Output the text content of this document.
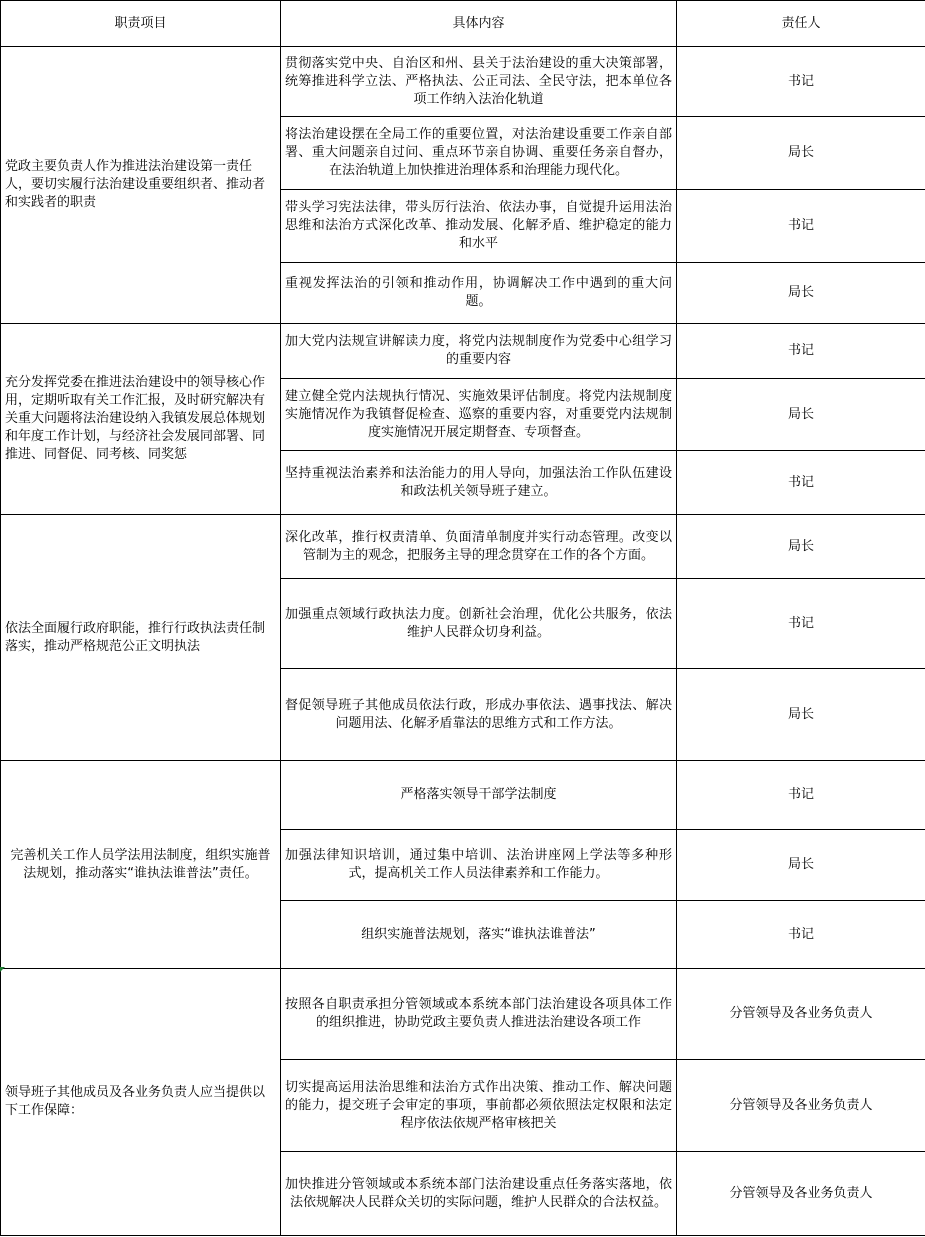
职责项目	具体内容	责任人
党政主要负责人作为推进法治建设第一责任人，要切实履行法治建设重要组织者、推动者和实践者的职责	贯彻落实党中央、自治区和州、县关于法治建设的重大决策部署，统筹推进科学立法、严格执法、公正司法、全民守法，把本单位各项工作纳入法治化轨道	书记
	将法治建设摆在全局工作的重要位置，对法治建设重要工作亲自部署、重大问题亲自过问、重点环节亲自协调、重要任务亲自督办，在法治轨道上加快推进治理体系和治理能力现代化。	局长
	带头学习宪法法律，带头厉行法治、依法办事，自觉提升运用法治思维和法治方式深化改革、推动发展、化解矛盾、维护稳定的能力和水平	书记
	重视发挥法治的引领和推动作用，协调解决工作中遇到的重大问题。	局长
充分发挥党委在推进法治建设中的领导核心作用，定期听取有关工作汇报，及时研究解决有关重大问题将法治建设纳入我镇发展总体规划和年度工作计划，与经济社会发展同部署、同推进、同督促、同考核、同奖惩	加大党内法规宣讲解读力度，将党内法规制度作为党委中心组学习的重要内容	书记
	建立健全党内法规执行情况、实施效果评估制度。将党内法规制度实施情况作为我镇督促检查、巡察的重要内容，对重要党内法规制度实施情况开展定期督查、专项督查。	局长
	坚持重视法治素养和法治能力的用人导向，加强法治工作队伍建设和政法机关领导班子建立。	书记
依法全面履行政府职能，推行行政执法责任制落实，推动严格规范公正文明执法	深化改革，推行权责清单、负面清单制度并实行动态管理。改变以管制为主的观念，把服务主导的理念贯穿在工作的各个方面。	局长
	加强重点领域行政执法力度。创新社会治理，优化公共服务，依法维护人民群众切身利益。	书记
	督促领导班子其他成员依法行政，形成办事依法、遇事找法、解决问题用法、化解矛盾靠法的思维方式和工作方法。	局长
完善机关工作人员学法用法制度，组织实施普法规划，推动落实“谁执法谁普法”责任。	严格落实领导干部学法制度	书记
	加强法律知识培训，通过集中培训、法治讲座网上学法等多种形式，提高机关工作人员法律素养和工作能力。	局长
	组织实施普法规划，落实“谁执法谁普法”	书记
领导班子其他成员及各业务负责人应当提供以下工作保障：	按照各自职责承担分管领域或本系统本部门法治建设各项具体工作的组织推进，协助党政主要负责人推进法治建设各项工作	分管领导及各业务负责人
	切实提高运用法治思维和法治方式作出决策、推动工作、解决问题的能力，提交班子会审定的事项，事前都必须依照法定权限和法定程序依法依规严格审核把关	分管领导及各业务负责人
	加快推进分管领域或本系统本部门法治建设重点任务落实落地，依法依规解决人民群众关切的实际问题，维护人民群众的合法权益。	分管领导及各业务负责人
